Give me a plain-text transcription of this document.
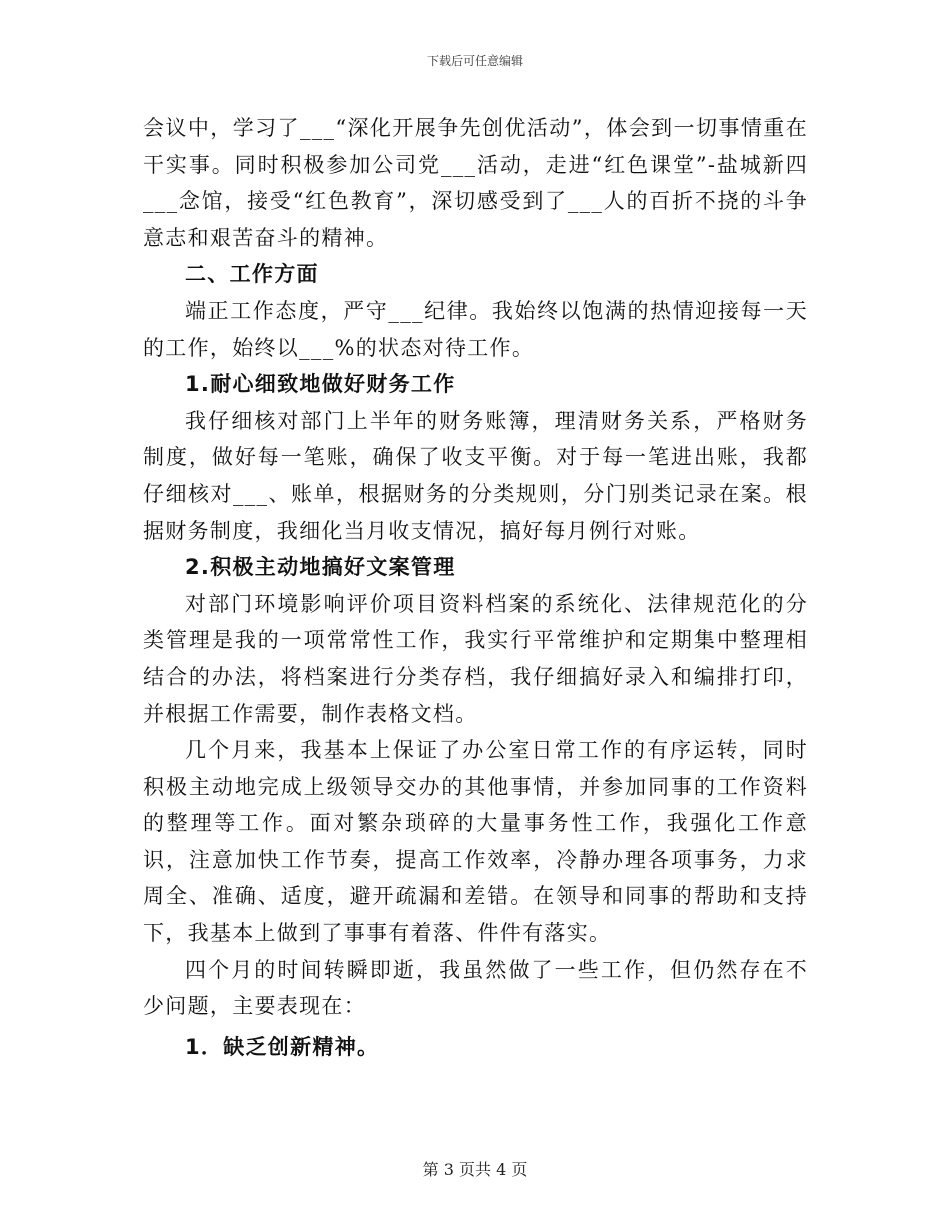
下载后可任意编辑

会议中，学习了___“深化开展争先创优活动”，体会到一切事情重在干实事。同时积极参加公司党___活动，走进“红色课堂”-盐城新四___念馆，接受“红色教育”，深切感受到了___人的百折不挠的斗争意志和艰苦奋斗的精神。

二、工作方面

端正工作态度，严守___纪律。我始终以饱满的热情迎接每一天的工作，始终以___%的状态对待工作。

1.耐心细致地做好财务工作

我仔细核对部门上半年的财务账簿，理清财务关系，严格财务制度，做好每一笔账，确保了收支平衡。对于每一笔进出账，我都仔细核对___、账单，根据财务的分类规则，分门别类记录在案。根据财务制度，我细化当月收支情况，搞好每月例行对账。

2.积极主动地搞好文案管理

对部门环境影响评价项目资料档案的系统化、法律规范化的分类管理是我的一项常常性工作，我实行平常维护和定期集中整理相结合的办法，将档案进行分类存档，我仔细搞好录入和编排打印，并根据工作需要，制作表格文档。

几个月来，我基本上保证了办公室日常工作的有序运转，同时积极主动地完成上级领导交办的其他事情，并参加同事的工作资料的整理等工作。面对繁杂琐碎的大量事务性工作，我强化工作意识，注意加快工作节奏，提高工作效率，冷静办理各项事务，力求周全、准确、适度，避开疏漏和差错。在领导和同事的帮助和支持下，我基本上做到了事事有着落、件件有落实。

四个月的时间转瞬即逝，我虽然做了一些工作，但仍然存在不少问题，主要表现在：

1．缺乏创新精神。

第 3 页共 4 页
